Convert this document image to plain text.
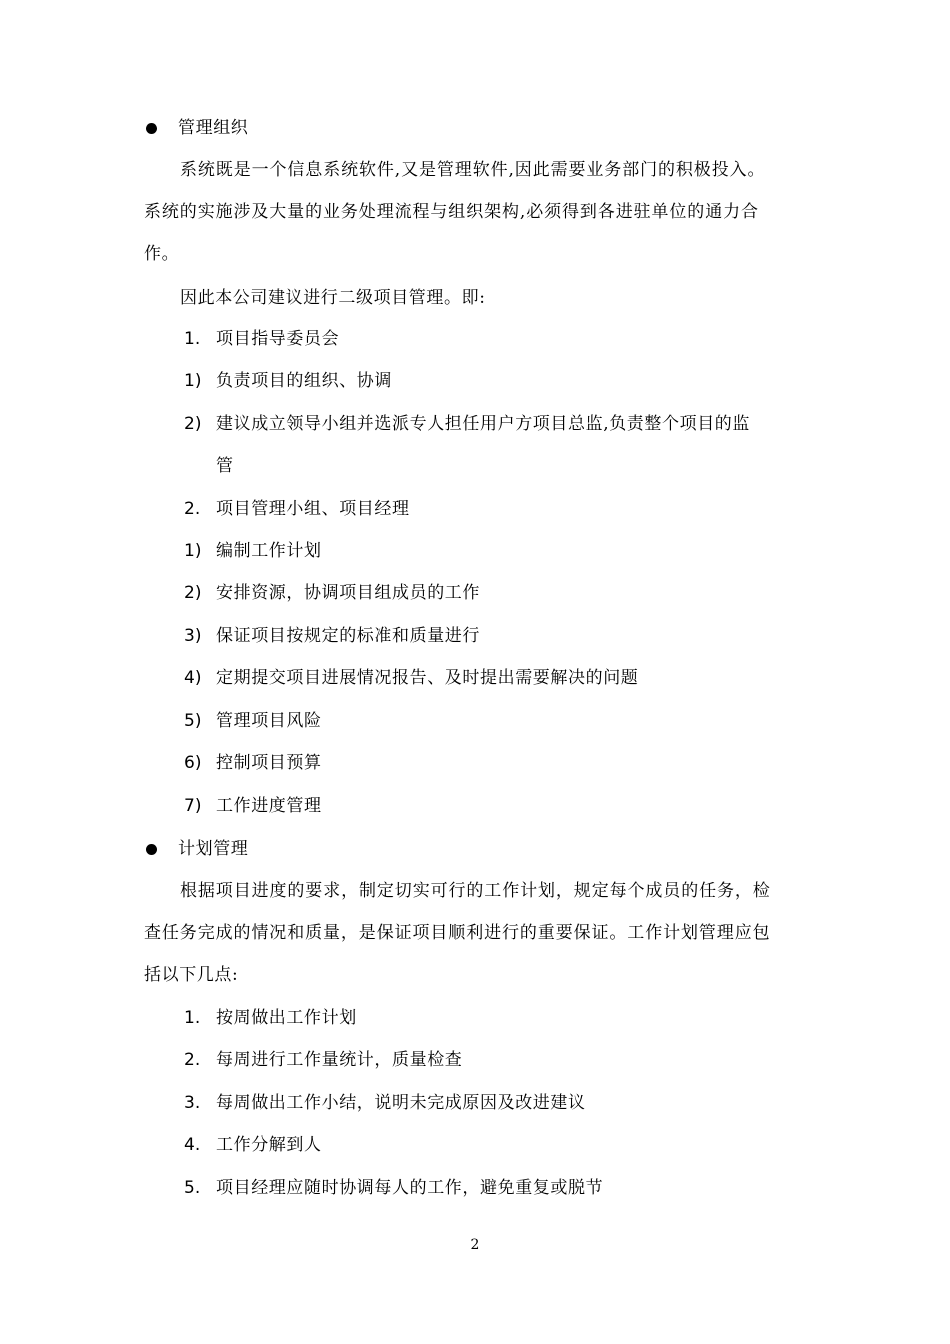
管理组织
系统既是一个信息系统软件,又是管理软件,因此需要业务部门的积极投入。
系统的实施涉及大量的业务处理流程与组织架构,必须得到各进驻单位的通力合
作。
因此本公司建议进行二级项目管理。即:
1. 项目指导委员会
1) 负责项目的组织、协调
2) 建议成立领导小组并选派专人担任用户方项目总监,负责整个项目的监
管
2. 项目管理小组、项目经理
1) 编制工作计划
2) 安排资源，协调项目组成员的工作
3) 保证项目按规定的标准和质量进行
4) 定期提交项目进展情况报告、及时提出需要解决的问题
5) 管理项目风险
6) 控制项目预算
7) 工作进度管理
计划管理
根据项目进度的要求，制定切实可行的工作计划，规定每个成员的任务，检
查任务完成的情况和质量，是保证项目顺利进行的重要保证。工作计划管理应包
括以下几点:
1. 按周做出工作计划
2. 每周进行工作量统计，质量检查
3. 每周做出工作小结，说明未完成原因及改进建议
4. 工作分解到人
5. 项目经理应随时协调每人的工作，避免重复或脱节
2
